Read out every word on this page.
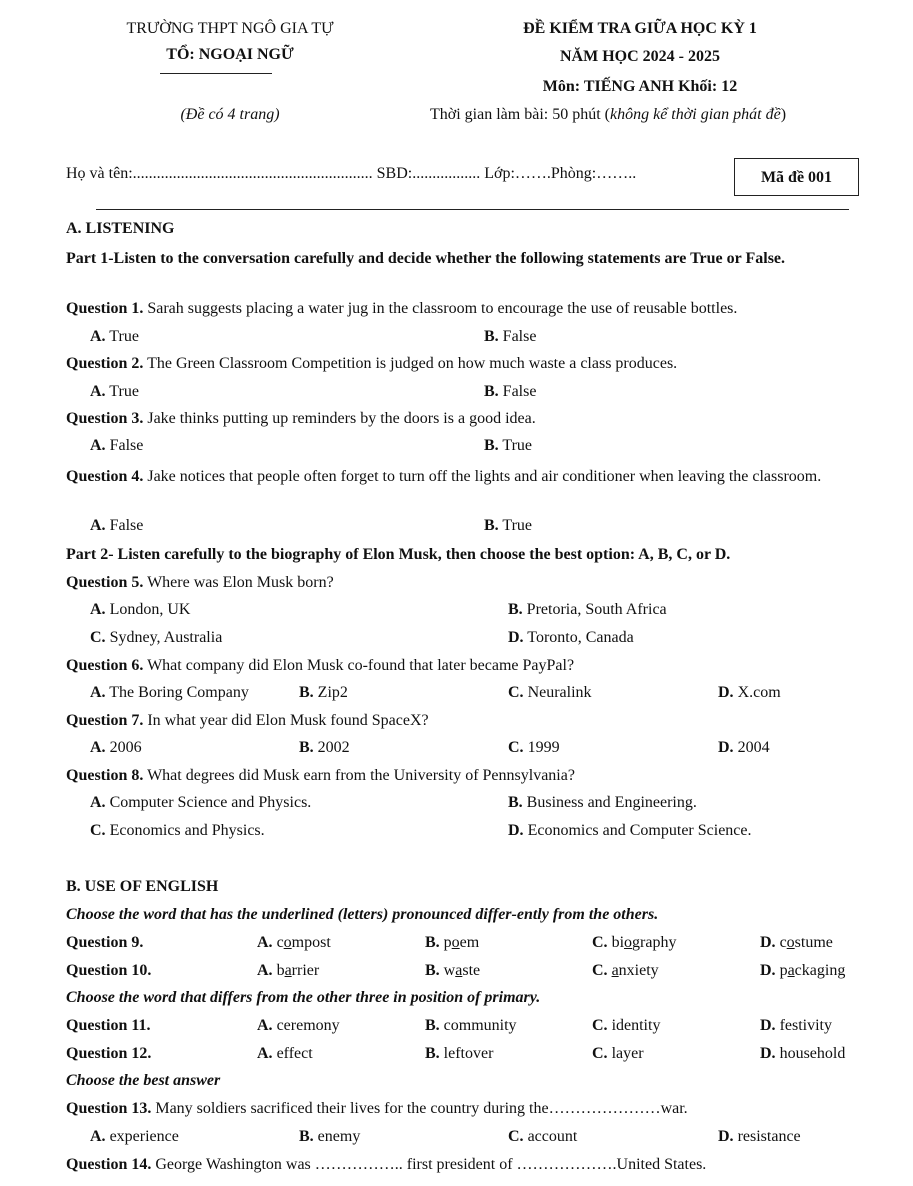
TRƯỜNG THPT NGÔ GIA TỰ
TỔ: NGOẠI NGỮ
(Đề có 4 trang)
ĐỀ KIỂM TRA GIỮA HỌC KỲ 1
NĂM HỌC 2024 - 2025
Môn: TIẾNG ANH Khối: 12
Thời gian làm bài: 50 phút (không kể thời gian phát đề)
Họ và tên:............................................................ SBD:................. Lớp:…….Phòng:……..	Mã đề 001
A. LISTENING
Part 1-Listen to the conversation carefully and decide whether the following statements are True or False.
Question 1. Sarah suggests placing a water jug in the classroom to encourage the use of reusable bottles.
A. True	B. False
Question 2. The Green Classroom Competition is judged on how much waste a class produces.
A. True	B. False
Question 3. Jake thinks putting up reminders by the doors is a good idea.
A. False	B. True
Question 4. Jake notices that people often forget to turn off the lights and air conditioner when leaving the classroom.
A. False	B. True
Part 2- Listen carefully to the biography of Elon Musk, then choose the best option: A, B, C, or D.
Question 5. Where was Elon Musk born?
A. London, UK	B. Pretoria, South Africa
C. Sydney, Australia	D. Toronto, Canada
Question 6. What company did Elon Musk co-found that later became PayPal?
A. The Boring Company	B. Zip2	C. Neuralink	D. X.com
Question 7. In what year did Elon Musk found SpaceX?
A. 2006	B. 2002	C. 1999	D. 2004
Question 8. What degrees did Musk earn from the University of Pennsylvania?
A. Computer Science and Physics.	B. Business and Engineering.
C. Economics and Physics.	D. Economics and Computer Science.
B. USE OF ENGLISH
Choose the word that has the underlined (letters) pronounced differ-ently from the others.
Question 9.	A. compost	B. poem	C. biography	D. costume
Question 10.	A. barrier	B. waste	C. anxiety	D. packaging
Choose the word that differs from the other three in position of primary.
Question 11.	A. ceremony	B. community	C. identity	D. festivity
Question 12.	A. effect	B. leftover	C. layer	D. household
Choose the best answer
Question 13. Many soldiers sacrificed their lives for the country during the…………………war.
A. experience	B. enemy	C. account	D. resistance
Question 14. George Washington was …………….. first president of ……………….United States.
